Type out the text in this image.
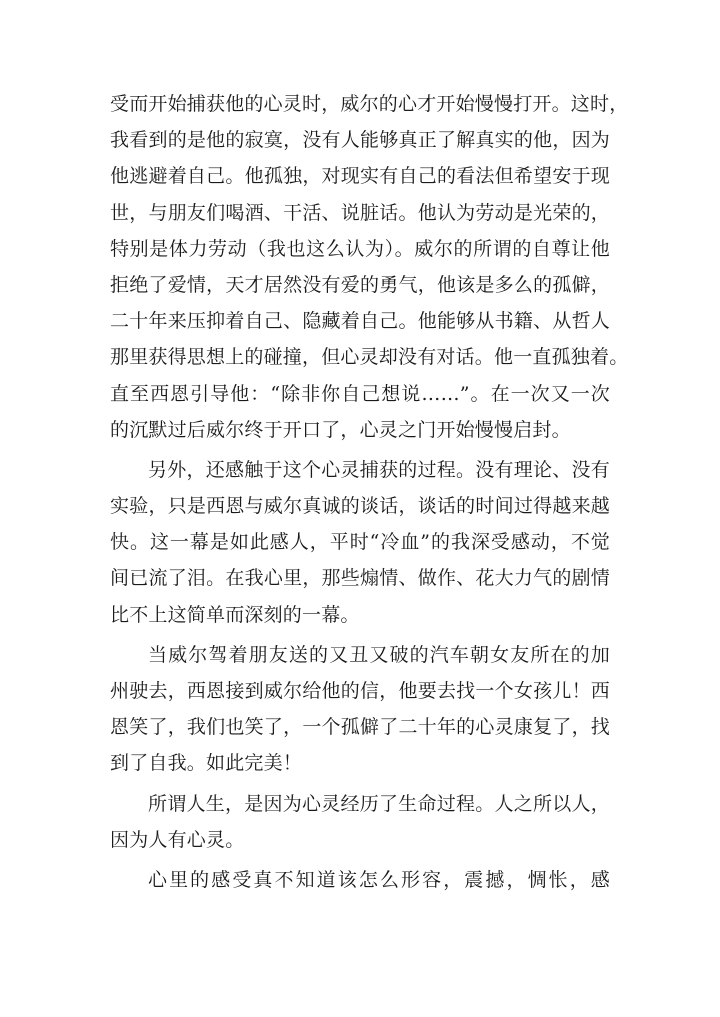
受而开始捕获他的心灵时，威尔的心才开始慢慢打开。这时，
我看到的是他的寂寞，没有人能够真正了解真实的他，因为
他逃避着自己。他孤独，对现实有自己的看法但希望安于现
世，与朋友们喝酒、干活、说脏话。他认为劳动是光荣的，
特别是体力劳动（我也这么认为）。威尔的所谓的自尊让他
拒绝了爱情，天才居然没有爱的勇气，他该是多么的孤僻，
二十年来压抑着自己、隐藏着自己。他能够从书籍、从哲人
那里获得思想上的碰撞，但心灵却没有对话。他一直孤独着。
直至西恩引导他：“除非你自己想说……”。在一次又一次
的沉默过后威尔终于开口了，心灵之门开始慢慢启封。
另外，还感触于这个心灵捕获的过程。没有理论、没有
实验，只是西恩与威尔真诚的谈话，谈话的时间过得越来越
快。这一幕是如此感人，平时“冷血”的我深受感动，不觉
间已流了泪。在我心里，那些煽情、做作、花大力气的剧情
比不上这简单而深刻的一幕。
当威尔驾着朋友送的又丑又破的汽车朝女友所在的加
州驶去，西恩接到威尔给他的信，他要去找一个女孩儿！西
恩笑了，我们也笑了，一个孤僻了二十年的心灵康复了，找
到了自我。如此完美！
所谓人生，是因为心灵经历了生命过程。人之所以人，
因为人有心灵。
心里的感受真不知道该怎么形容，震撼，惆怅，感
